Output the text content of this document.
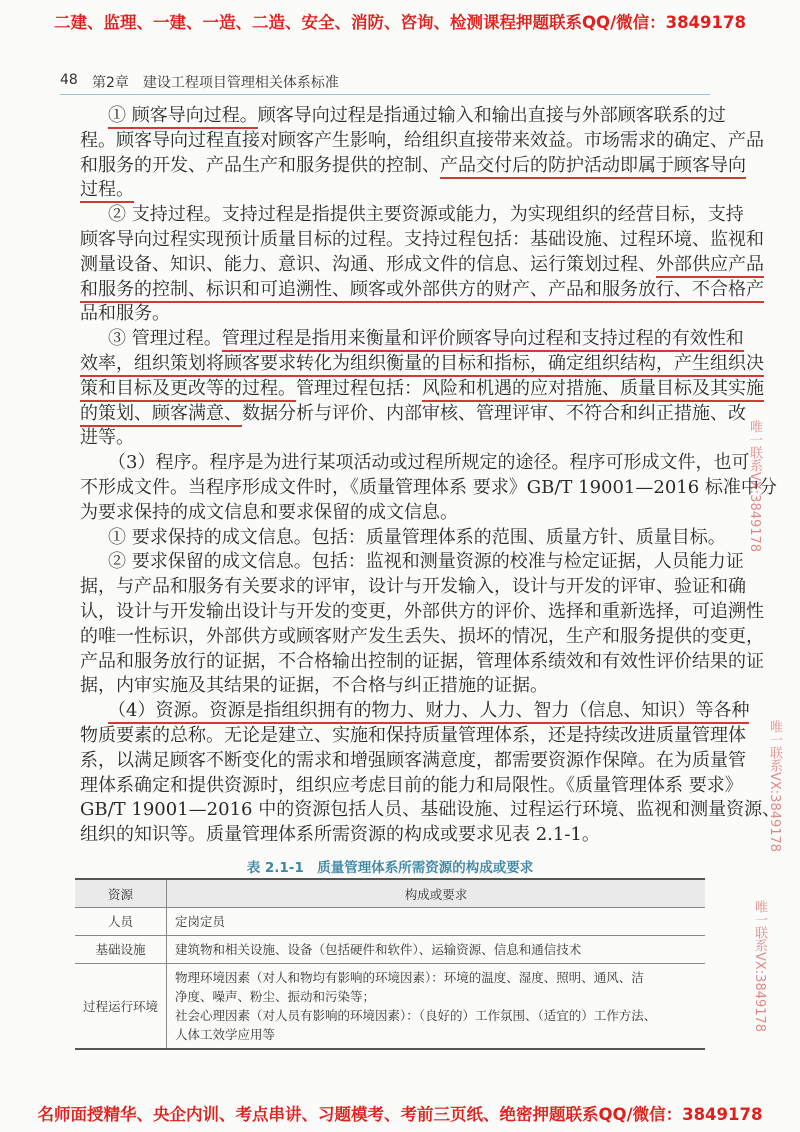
二建、监理、一建、一造、二造、安全、消防、咨询、检测课程押题联系QQ/微信：3849178
48 第2章　建设工程项目管理相关体系标准
① 顾客导向过程。顾客导向过程是指通过输入和输出直接与外部顾客联系的过
程。顾客导向过程直接对顾客产生影响，给组织直接带来效益。市场需求的确定、产品
和服务的开发、产品生产和服务提供的控制、产品交付后的防护活动即属于顾客导向
过程。
② 支持过程。支持过程是指提供主要资源或能力，为实现组织的经营目标，支持
顾客导向过程实现预计质量目标的过程。支持过程包括：基础设施、过程环境、监视和
测量设备、知识、能力、意识、沟通、形成文件的信息、运行策划过程、外部供应产品
和服务的控制、标识和可追溯性、顾客或外部供方的财产、产品和服务放行、不合格产
品和服务。
③ 管理过程。管理过程是指用来衡量和评价顾客导向过程和支持过程的有效性和
效率，组织策划将顾客要求转化为组织衡量的目标和指标，确定组织结构，产生组织决
策和目标及更改等的过程。管理过程包括：风险和机遇的应对措施、质量目标及其实施
的策划、顾客满意、数据分析与评价、内部审核、管理评审、不符合和纠正措施、改
进等。
（3）程序。程序是为进行某项活动或过程所规定的途径。程序可形成文件，也可
不形成文件。当程序形成文件时，《质量管理体系 要求》GB/T 19001—2016 标准中分
为要求保持的成文信息和要求保留的成文信息。
① 要求保持的成文信息。包括：质量管理体系的范围、质量方针、质量目标。
② 要求保留的成文信息。包括：监视和测量资源的校准与检定证据，人员能力证
据，与产品和服务有关要求的评审，设计与开发输入，设计与开发的评审、验证和确
认，设计与开发输出设计与开发的变更，外部供方的评价、选择和重新选择，可追溯性
的唯一性标识，外部供方或顾客财产发生丢失、损坏的情况，生产和服务提供的变更，
产品和服务放行的证据，不合格输出控制的证据，管理体系绩效和有效性评价结果的证
据，内审实施及其结果的证据，不合格与纠正措施的证据。
（4）资源。资源是指组织拥有的物力、财力、人力、智力（信息、知识）等各种
物质要素的总称。无论是建立、实施和保持质量管理体系，还是持续改进质量管理体
系，以满足顾客不断变化的需求和增强顾客满意度，都需要资源作保障。在为质量管
理体系确定和提供资源时，组织应考虑目前的能力和局限性。《质量管理体系 要求》
GB/T 19001—2016 中的资源包括人员、基础设施、过程运行环境、监视和测量资源、
组织的知识等。质量管理体系所需资源的构成或要求见表 2.1-1。
表 2.1-1　质量管理体系所需资源的构成或要求
资源	构成或要求
人员	定岗定员

基础设施	建筑物和相关设施、设备（包括硬件和软件）、运输资源、信息和通信技术

过程运行环境	物理环境因素（对人和物均有影响的环境因素）：环境的温度、湿度、照明、通风、洁
净度、噪声、粉尘、振动和污染等；
社会心理因素（对人员有影响的环境因素）：（良好的）工作氛围、（适宜的）工作方法、
人体工效学应用等
唯一联系VX:3849178
唯一联系VX:3849178
唯一联系VX:3849178
名师面授精华、央企内训、考点串讲、习题模考、考前三页纸、绝密押题联系QQ/微信：3849178
